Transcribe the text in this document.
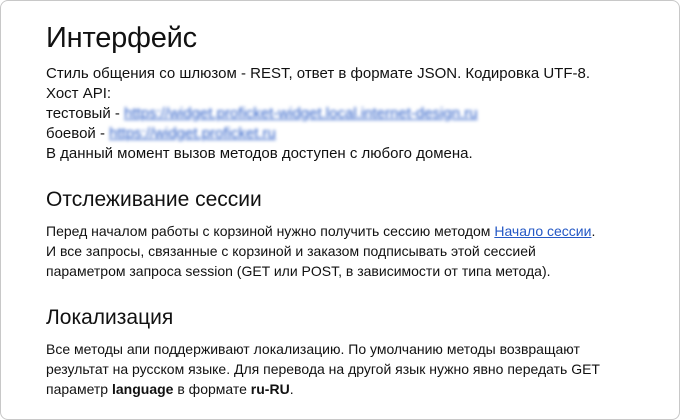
Интерфейс
Стиль общения со шлюзом - REST, ответ в формате JSON. Кодировка UTF-8.
Хост API:
тестовый - https://widget.proficket-widget.local.internet-design.ru
боевой - https://widget.proficket.ru
В данный момент вызов методов доступен с любого домена.
Отслеживание сессии
Перед началом работы с корзиной нужно получить сессию методом Начало сессии.
И все запросы, связанные с корзиной и заказом подписывать этой сессией
параметром запроса session (GET или POST, в зависимости от типа метода).
Локализация
Все методы апи поддерживают локализацию. По умолчанию методы возвращают
результат на русском языке. Для перевода на другой язык нужно явно передать GET
параметр language в формате ru-RU.
